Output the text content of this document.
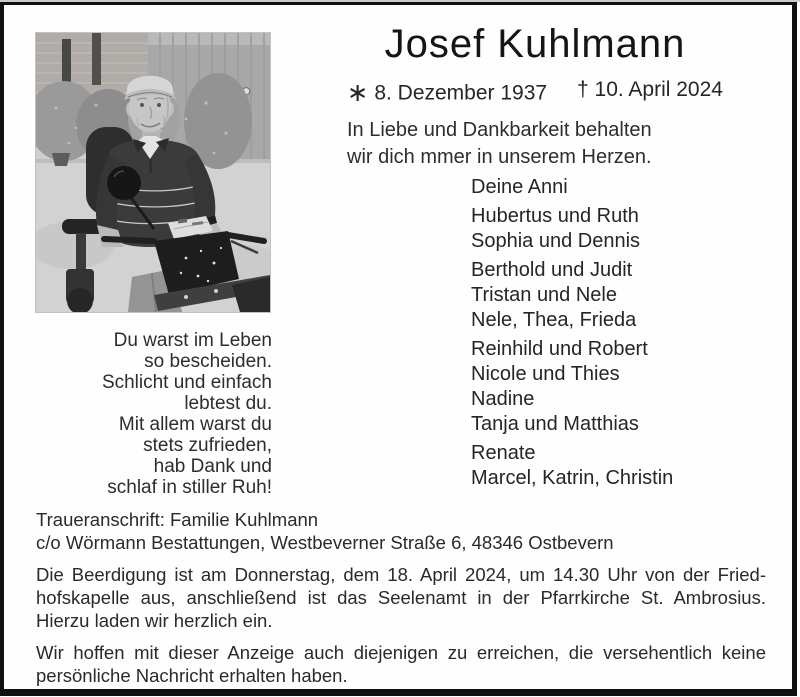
Josef Kuhlmann
∗ 8. Dezember 1937 † 10. April 2024
In Liebe und Dankbarkeit behalten
wir dich mmer in unserem Herzen.
Deine Anni
Hubertus und Ruth
Sophia und Dennis
Berthold und Judit
Tristan und Nele
Nele, Thea, Frieda
Reinhild und Robert
Nicole und Thies
Nadine
Tanja und Matthias
Renate
Marcel, Katrin, Christin
Du warst im Leben
so bescheiden.
Schlicht und einfach
lebtest du.
Mit allem warst du
stets zufrieden,
hab Dank und
schlaf in stiller Ruh!
Traueranschrift: Familie Kuhlmann
c/o Wörmann Bestattungen, Westbeverner Straße 6, 48346 Ostbevern
Die Beerdigung ist am Donnerstag, dem 18. April 2024, um 14.30 Uhr von der Fried-
hofskapelle aus, anschließend ist das Seelenamt in der Pfarrkirche St. Ambrosius.
Hierzu laden wir herzlich ein.
Wir hoffen mit dieser Anzeige auch diejenigen zu erreichen, die versehentlich keine
persönliche Nachricht erhalten haben.
